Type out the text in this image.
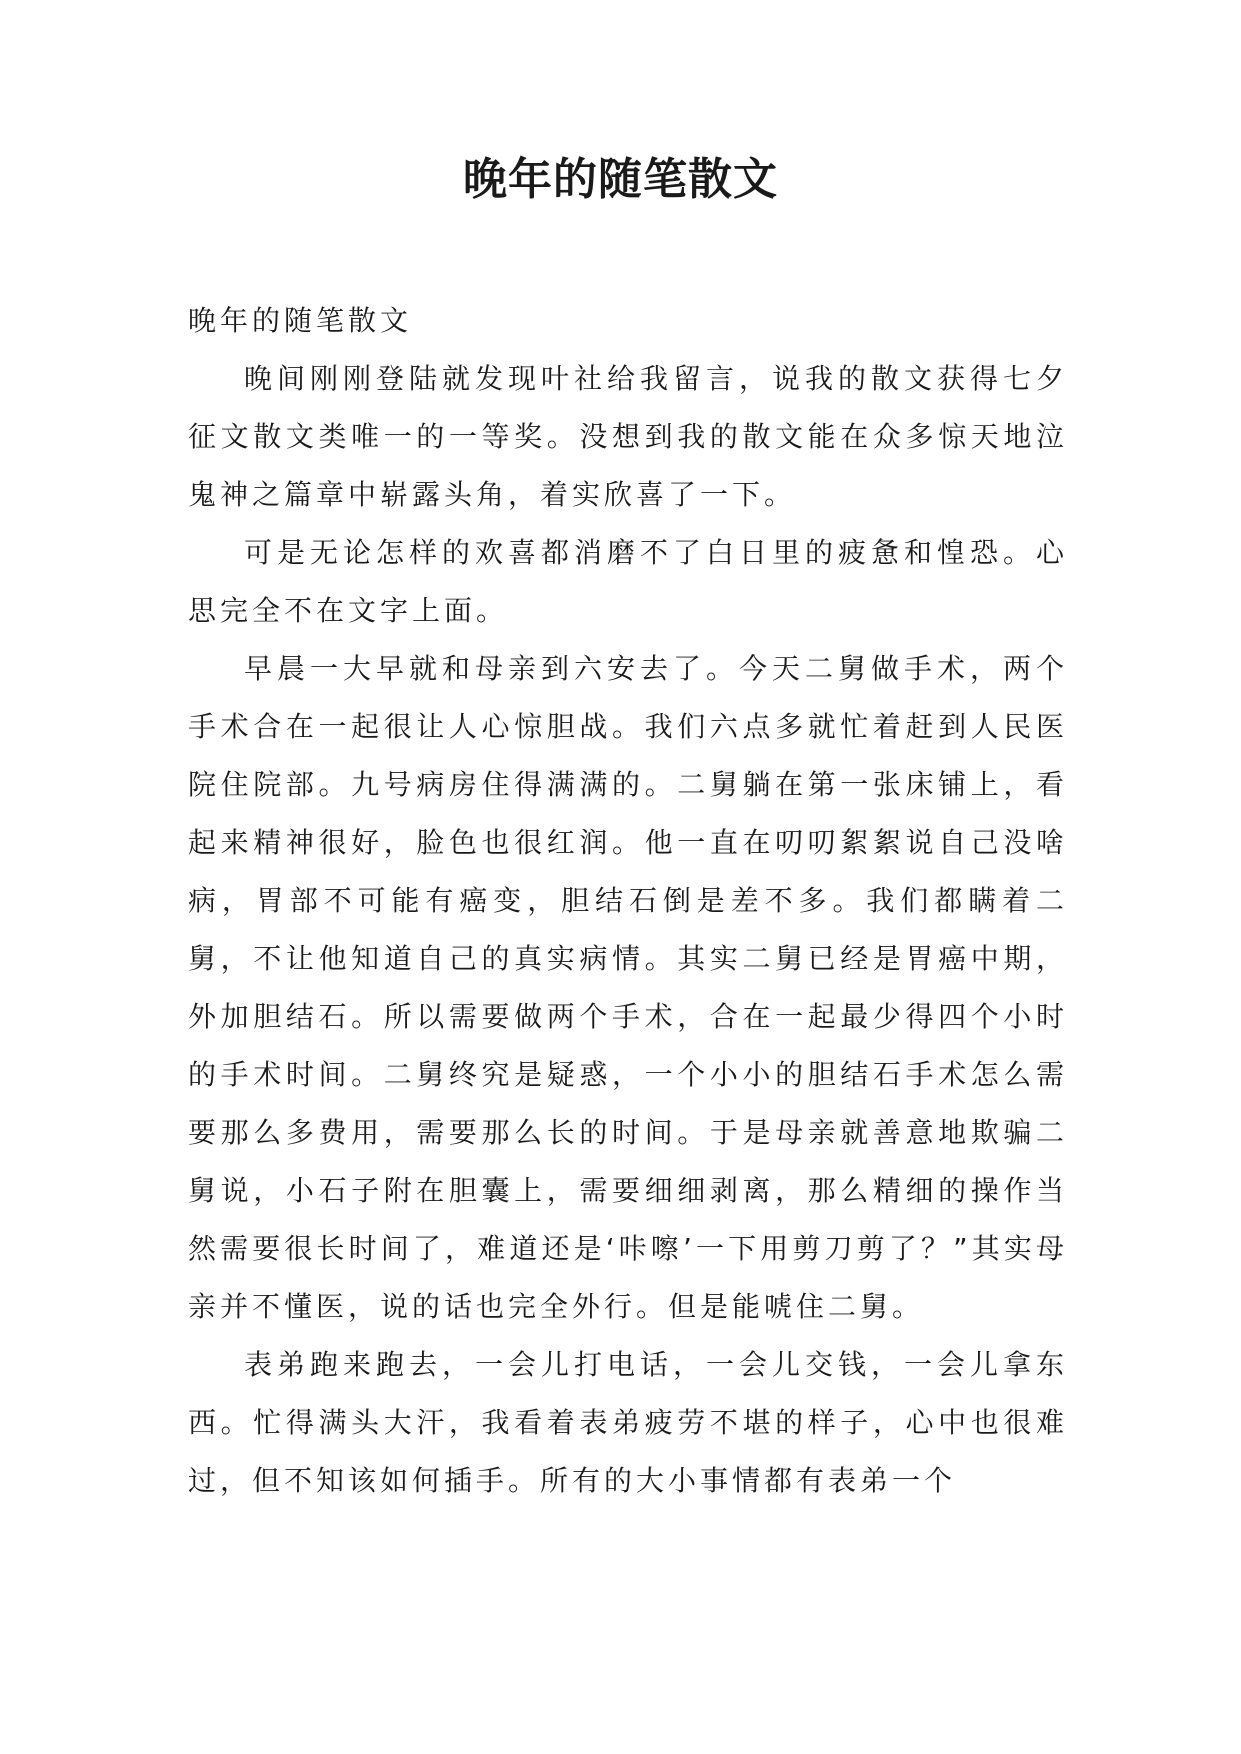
晚年的随笔散文

晚年的随笔散文

晚间刚刚登陆就发现叶社给我留言，说我的散文获得七夕征文散文类唯一的一等奖。没想到我的散文能在众多惊天地泣鬼神之篇章中崭露头角，着实欣喜了一下。

可是无论怎样的欢喜都消磨不了白日里的疲惫和惶恐。心思完全不在文字上面。

早晨一大早就和母亲到六安去了。今天二舅做手术，两个手术合在一起很让人心惊胆战。我们六点多就忙着赶到人民医院住院部。九号病房住得满满的。二舅躺在第一张床铺上，看起来精神很好，脸色也很红润。他一直在叨叨絮絮说自己没啥病，胃部不可能有癌变，胆结石倒是差不多。我们都瞒着二舅，不让他知道自己的真实病情。其实二舅已经是胃癌中期，外加胆结石。所以需要做两个手术，合在一起最少得四个小时的手术时间。二舅终究是疑惑，一个小小的胆结石手术怎么需要那么多费用，需要那么长的时间。于是母亲就善意地欺骗二舅说，小石子附在胆囊上，需要细细剥离，那么精细的操作当然需要很长时间了，难道还是‘咔嚓’一下用剪刀剪了？”其实母亲并不懂医，说的话也完全外行。但是能唬住二舅。

表弟跑来跑去，一会儿打电话，一会儿交钱，一会儿拿东西。忙得满头大汗，我看着表弟疲劳不堪的样子，心中也很难过，但不知该如何插手。所有的大小事情都有表弟一个
